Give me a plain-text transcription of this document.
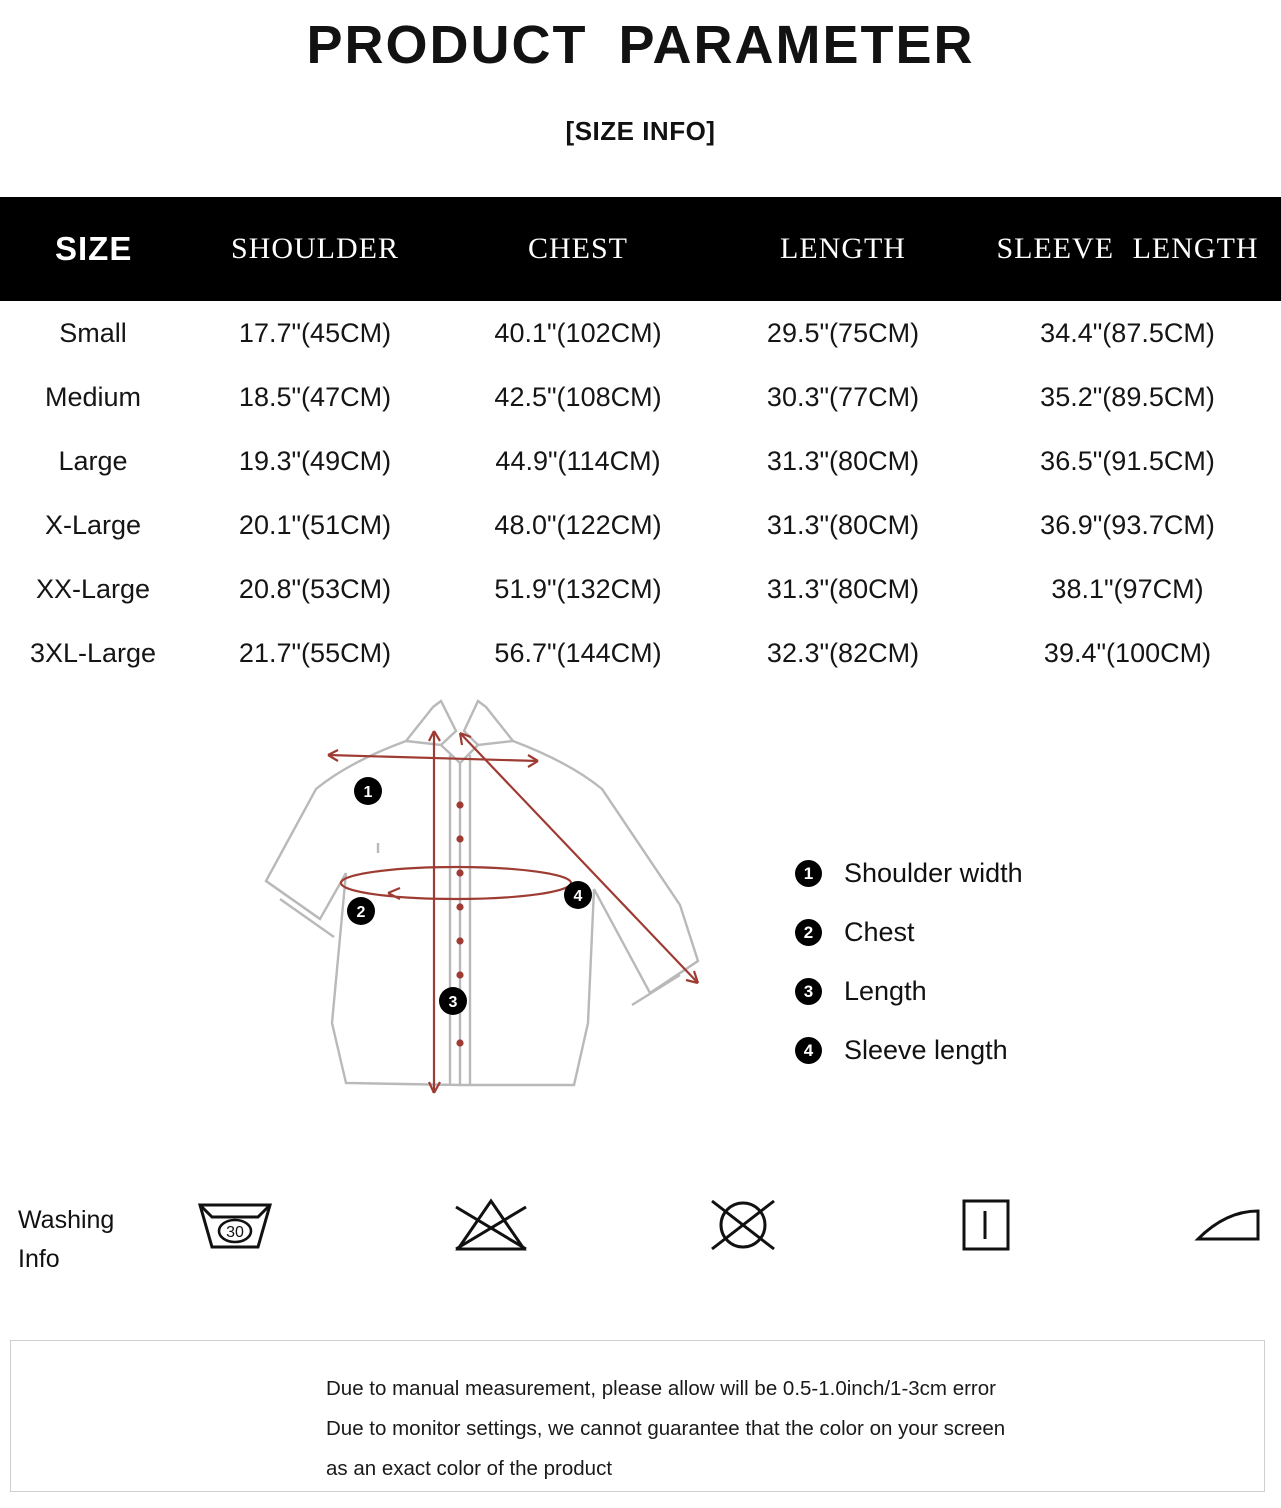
PRODUCT PARAMETER
[SIZE INFO]
SIZE	SHOULDER	CHEST	LENGTH	SLEEVE LENGTH
Small	17.7"(45CM)	40.1"(102CM)	29.5"(75CM)	34.4"(87.5CM)
Medium	18.5"(47CM)	42.5"(108CM)	30.3"(77CM)	35.2"(89.5CM)
Large	19.3"(49CM)	44.9"(114CM)	31.3"(80CM)	36.5"(91.5CM)
X-Large	20.1"(51CM)	48.0"(122CM)	31.3"(80CM)	36.9"(93.7CM)
XX-Large	20.8"(53CM)	51.9"(132CM)	31.3"(80CM)	38.1"(97CM)
3XL-Large	21.7"(55CM)	56.7"(144CM)	32.3"(82CM)	39.4"(100CM)
1
2
3
4
1	Shoulder width
2	Chest
3	Length
4	Sleeve length
Washing
Info
30
Due to manual measurement, please allow will be 0.5-1.0inch/1-3cm error
Due to monitor settings, we cannot guarantee that the color on your screen
as an exact color of the product
